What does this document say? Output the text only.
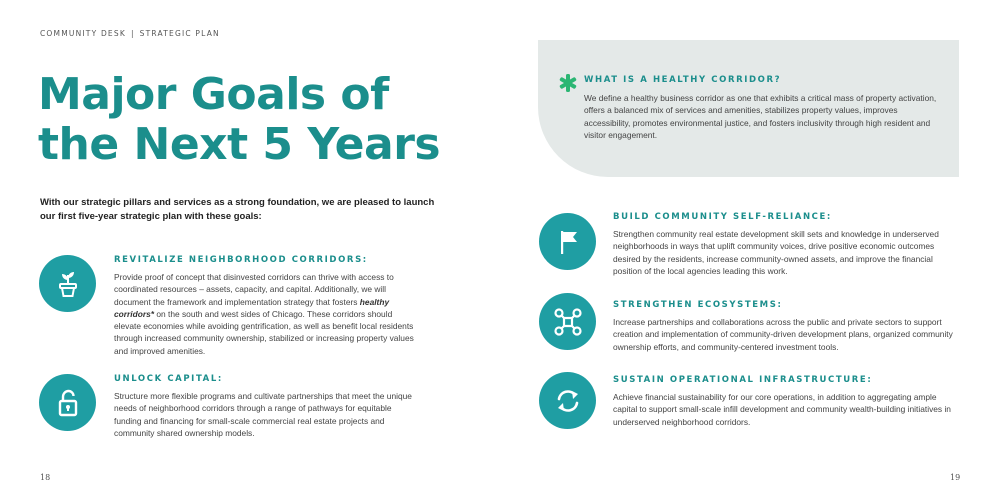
COMMUNITY DESK | STRATEGIC PLAN
Major Goals of
the Next 5 Years
With our strategic pillars and services as a strong foundation, we are pleased to launch our first five-year strategic plan with these goals:
REVITALIZE NEIGHBORHOOD CORRIDORS:
Provide proof of concept that disinvested corridors can thrive with access to coordinated resources – assets, capacity, and capital. Additionally, we will document the framework and implementation strategy that fosters healthy corridors* on the south and west sides of Chicago. These corridors should elevate economies while avoiding gentrification, as well as benefit local residents through increased community ownership, stabilized or increasing property values and improved amenities.
UNLOCK CAPITAL:
Structure more flexible programs and cultivate partnerships that meet the unique needs of neighborhood corridors through a range of pathways for equitable funding and financing for small-scale commercial real estate projects and community shared ownership models.
WHAT IS A HEALTHY CORRIDOR?
We define a healthy business corridor as one that exhibits a critical mass of property activation, offers a balanced mix of services and amenities, stabilizes property values, improves accessibility, promotes environmental justice, and fosters inclusivity through high resident and visitor engagement.
BUILD COMMUNITY SELF-RELIANCE:
Strengthen community real estate development skill sets and knowledge in underserved neighborhoods in ways that uplift community voices, drive positive economic outcomes desired by the residents, increase community-owned assets, and improve the financial position of the local agencies leading this work.
STRENGTHEN ECOSYSTEMS:
Increase partnerships and collaborations across the public and private sectors to support creation and implementation of community-driven development plans, organized community ownership efforts, and community-centered investment tools.
SUSTAIN OPERATIONAL INFRASTRUCTURE:
Achieve financial sustainability for our core operations, in addition to aggregating ample capital to support small-scale infill development and community wealth-building initiatives in underserved neighborhood corridors.
18	19
